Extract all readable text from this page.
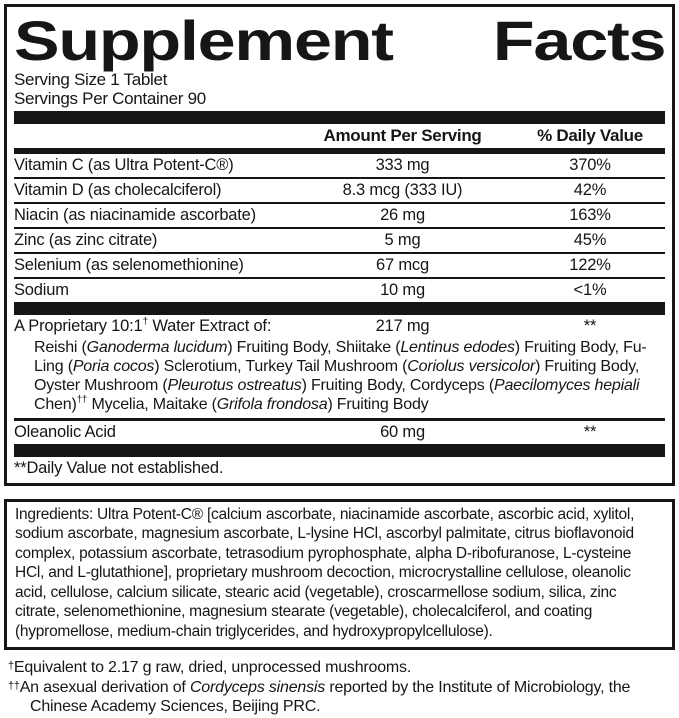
Supplement Facts
Serving Size 1 Tablet
Servings Per Container 90
Amount Per Serving	% Daily Value
Vitamin C (as Ultra Potent-C®)	333 mg	370%
Vitamin D (as cholecalciferol)	8.3 mcg (333 IU)	42%
Niacin (as niacinamide ascorbate)	26 mg	163%
Zinc (as zinc citrate)	5 mg	45%
Selenium (as selenomethionine)	67 mcg	122%
Sodium	10 mg	<1%
A Proprietary 10:1† Water Extract of:	217 mg	**
Reishi (Ganoderma lucidum) Fruiting Body, Shiitake (Lentinus edodes) Fruiting Body, Fu-Ling (Poria cocos) Sclerotium, Turkey Tail Mushroom (Coriolus versicolor) Fruiting Body, Oyster Mushroom (Pleurotus ostreatus) Fruiting Body, Cordyceps (Paecilomyces hepiali Chen)†† Mycelia, Maitake (Grifola frondosa) Fruiting Body
Oleanolic Acid	60 mg	**
**Daily Value not established.

Ingredients: Ultra Potent-C® [calcium ascorbate, niacinamide ascorbate, ascorbic acid, xylitol, sodium ascorbate, magnesium ascorbate, L-lysine HCl, ascorbyl palmitate, citrus bioflavonoid complex, potassium ascorbate, tetrasodium pyrophosphate, alpha D-ribofuranose, L-cysteine HCl, and L-glutathione], proprietary mushroom decoction, microcrystalline cellulose, oleanolic acid, cellulose, calcium silicate, stearic acid (vegetable), croscarmellose sodium, silica, zinc citrate, selenomethionine, magnesium stearate (vegetable), cholecalciferol, and coating (hypromellose, medium-chain triglycerides, and hydroxypropylcellulose).

†Equivalent to 2.17 g raw, dried, unprocessed mushrooms.

††An asexual derivation of Cordyceps sinensis reported by the Institute of Microbiology, the Chinese Academy Sciences, Beijing PRC.
